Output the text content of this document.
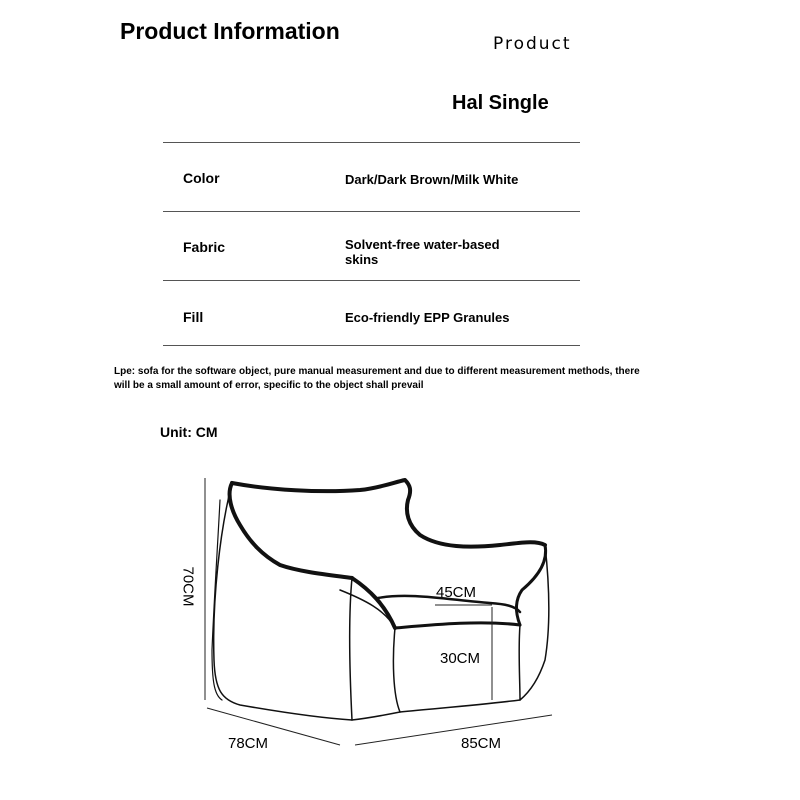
Product Information	Product
Hal Single
Color	Dark/Dark Brown/Milk White
Fabric	Solvent-free water-based skins
Fill	Eco-friendly EPP Granules
Lpe: sofa for the software object, pure manual measurement and due to different measurement methods, there will be a small amount of error, specific to the object shall prevail
Unit: CM
70CM	45CM
30CM
78CM	85CM
